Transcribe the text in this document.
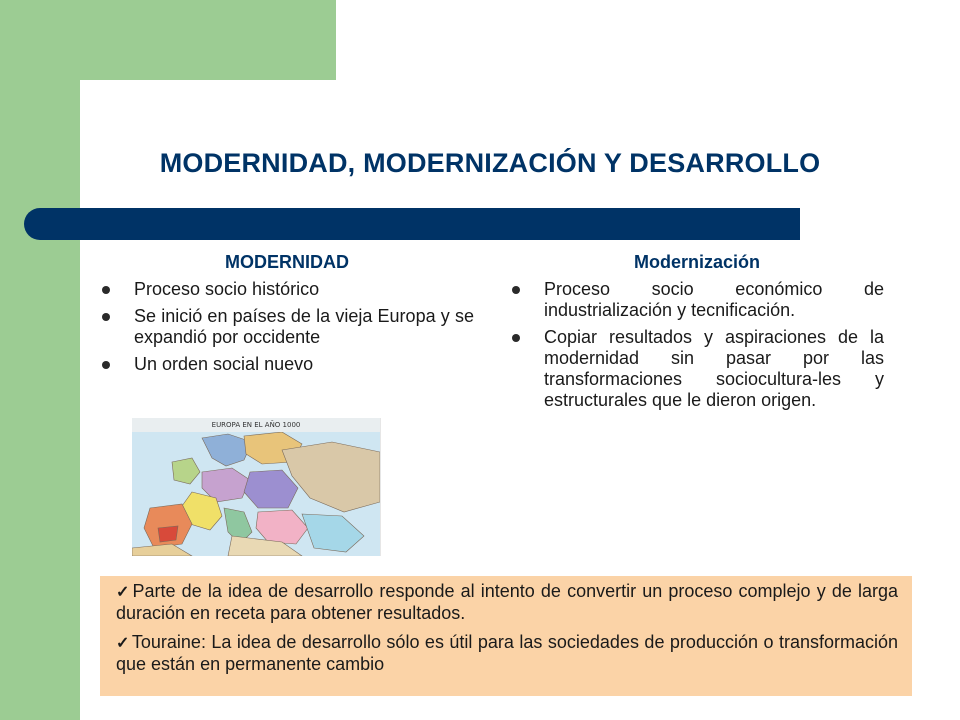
MODERNIDAD, MODERNIZACIÓN Y DESARROLLO
MODERNIDAD
Proceso socio histórico
Se inició en países de la vieja Europa y se expandió por occidente
Un orden social nuevo
Modernización
Proceso socio económico de industrialización y tecnificación.
Copiar resultados y aspiraciones de la modernidad sin pasar por las transformaciones sociocultura-les y estructurales que le dieron origen.
EUROPA EN EL AÑO 1000
✓ Parte de la idea de desarrollo responde al intento de convertir un proceso complejo y de larga duración en receta para obtener resultados.
✓ Touraine: La idea de desarrollo sólo es útil para las sociedades de producción o transformación que están en permanente cambio
